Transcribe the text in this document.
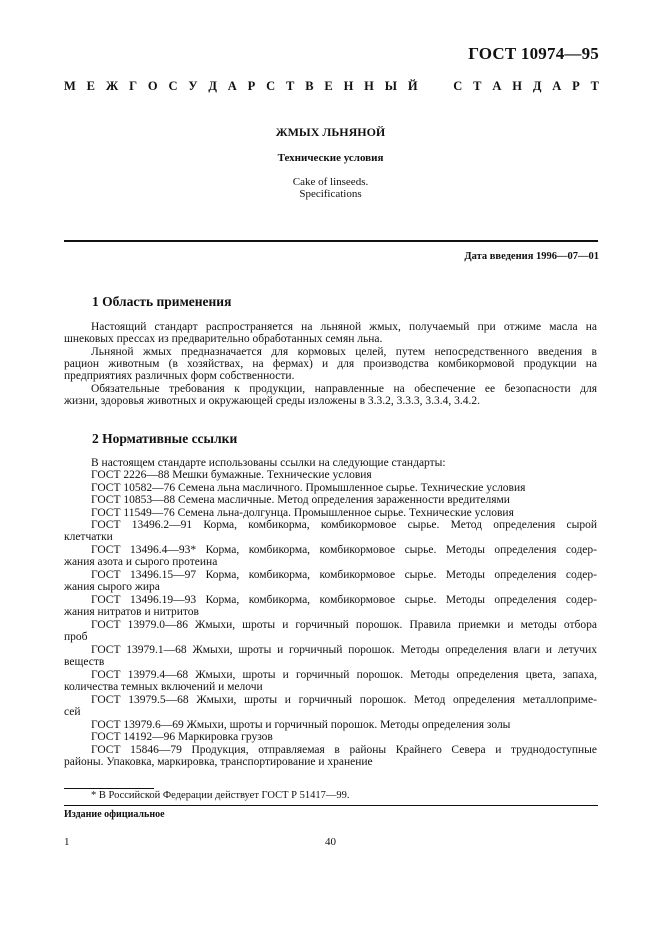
ГОСТ 10974—95
М Е Ж Г О С У Д А Р С Т В Е Н Н Ы Й	С Т А Н Д А Р Т
ЖМЫХ ЛЬНЯНОЙ
Технические условия
Cake of linseeds.
Specifications
Дата введения 1996—07—01
1 Область применения
2 Нормативные ссылки
Настоящий стандарт распространяется на льняной жмых, получаемый при отжиме масла на
шнековых прессах из предварительно обработанных семян льна.
Льняной жмых предназначается для кормовых целей, путем непосредственного введения в
рацион животным (в хозяйствах, на фермах) и для производства комбикормовой продукции на
предприятиях различных форм собственности.
Обязательные требования к продукции, направленные на обеспечение ее безопасности для
жизни, здоровья животных и окружающей среды изложены в 3.3.2, 3.3.3, 3.3.4, 3.4.2.
В настоящем стандарте использованы ссылки на следующие стандарты:
ГОСТ 2226—88 Мешки бумажные. Технические условия
ГОСТ 10582—76 Семена льна масличного. Промышленное сырье. Технические условия
ГОСТ 10853—88 Семена масличные. Метод определения зараженности вредителями
ГОСТ 11549—76 Семена льна-долгунца. Промышленное сырье. Технические условия
ГОСТ 13496.2—91 Корма, комбикорма, комбикормовое сырье. Метод определения сырой
клетчатки
ГОСТ 13496.4—93* Корма, комбикорма, комбикормовое сырье. Методы определения содер-
жания азота и сырого протеина
ГОСТ 13496.15—97 Корма, комбикорма, комбикормовое сырье. Методы определения содер-
жания сырого жира
ГОСТ 13496.19—93 Корма, комбикорма, комбикормовое сырье. Методы определения содер-
жания нитратов и нитритов
ГОСТ 13979.0—86 Жмыхи, шроты и горчичный порошок. Правила приемки и методы отбора
проб
ГОСТ 13979.1—68 Жмыхи, шроты и горчичный порошок. Методы определения влаги и летучих
веществ
ГОСТ 13979.4—68 Жмыхи, шроты и горчичный порошок. Методы определения цвета, запаха,
количества темных включений и мелочи
ГОСТ 13979.5—68 Жмыхи, шроты и горчичный порошок. Метод определения металлопримe-
сей
ГОСТ 13979.6—69 Жмыхи, шроты и горчичный порошок. Методы определения золы
ГОСТ 14192—96 Маркировка грузов
ГОСТ 15846—79 Продукция, отправляемая в районы Крайнего Севера и труднодоступные
районы. Упаковка, маркировка, транспортирование и хранение
* В Российской Федерации действует ГОСТ Р 51417—99.
Издание официальное
1	40
